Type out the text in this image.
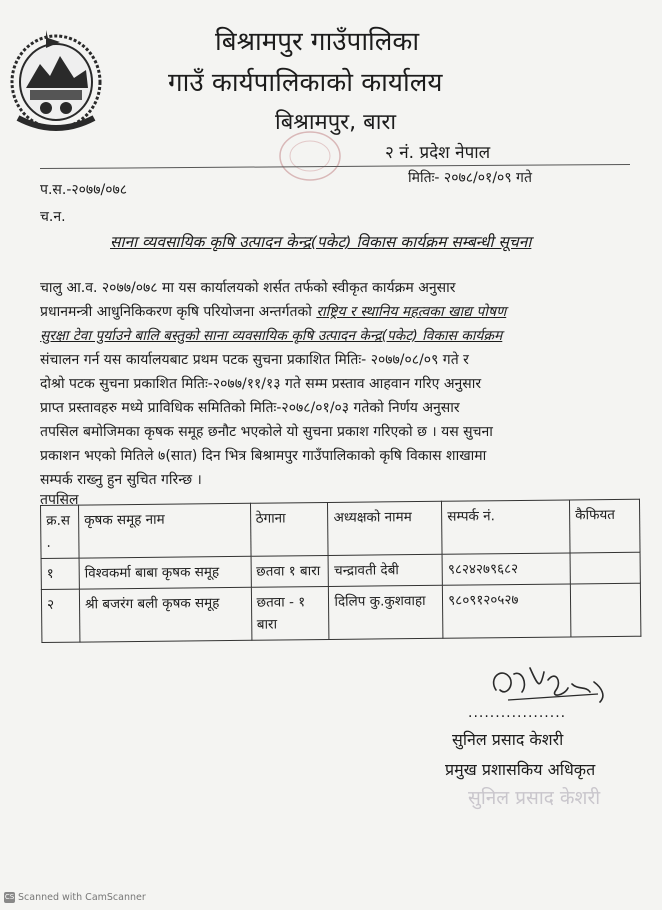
बिश्रामपुर गाउँपालिका
गाउँ कार्यपालिकाको कार्यालय
बिश्रामपुर, बारा
२ नं. प्रदेश नेपाल
प.स.-२०७७/०७८
मितिः- २०७८/०१/०९ गते
च.न.
साना व्यवसायिक कृषि उत्पादन केन्द्र(पकेट) विकास कार्यक्रम सम्बन्धी सूचना
चालु आ.व. २०७७/०७८ मा यस कार्यालयको शर्सत तर्फको स्वीकृत कार्यक्रम अनुसार
प्रधानमन्त्री आधुनिकिकरण कृषि परियोजना अन्तर्गतको राष्ट्रिय र स्थानिय महत्वका खाद्य पोषण
सुरक्षा टेवा पुर्याउने बालि बस्तुको साना व्यवसायिक कृषि उत्पादन केन्द्र(पकेट) विकास कार्यक्रम
संचालन गर्न यस कार्यालयबाट प्रथम पटक सुचना प्रकाशित मितिः- २०७७/०८/०९ गते र
दोश्रो पटक सुचना प्रकाशित मितिः-२०७७/११/१३ गते सम्म प्रस्ताव आहवान गरिए अनुसार
प्राप्त प्रस्तावहरु मध्ये प्राविधिक समितिको मितिः-२०७८/०१/०३ गतेको निर्णय अनुसार
तपसिल बमोजिमका कृषक समूह छनौट भएकोले यो सुचना प्रकाश गरिएको छ । यस सुचना
प्रकाशन भएको मितिले ७(सात) दिन भित्र बिश्रामपुर गाउँपालिकाको कृषि विकास शाखामा
सम्पर्क राख्नु हुन सुचित गरिन्छ ।
तपसिल
क्र.स .	कृषक समूह नाम	ठेगाना	अध्यक्षको नामम	सम्पर्क नं.	कैफियत
१	विश्वकर्मा बाबा कृषक समूह	छतवा १ बारा	चन्द्रावती देबी	९८२४२७९६८२	
२	श्री बजरंग बली कृषक समूह	छतवा - १ बारा	दिलिप कु.कुशवाहा	९८०९१२०५२७	
..................
सुनिल प्रसाद केशरी
प्रमुख प्रशासकिय अधिकृत
सुनिल प्रसाद केशरी
CS Scanned with CamScanner
